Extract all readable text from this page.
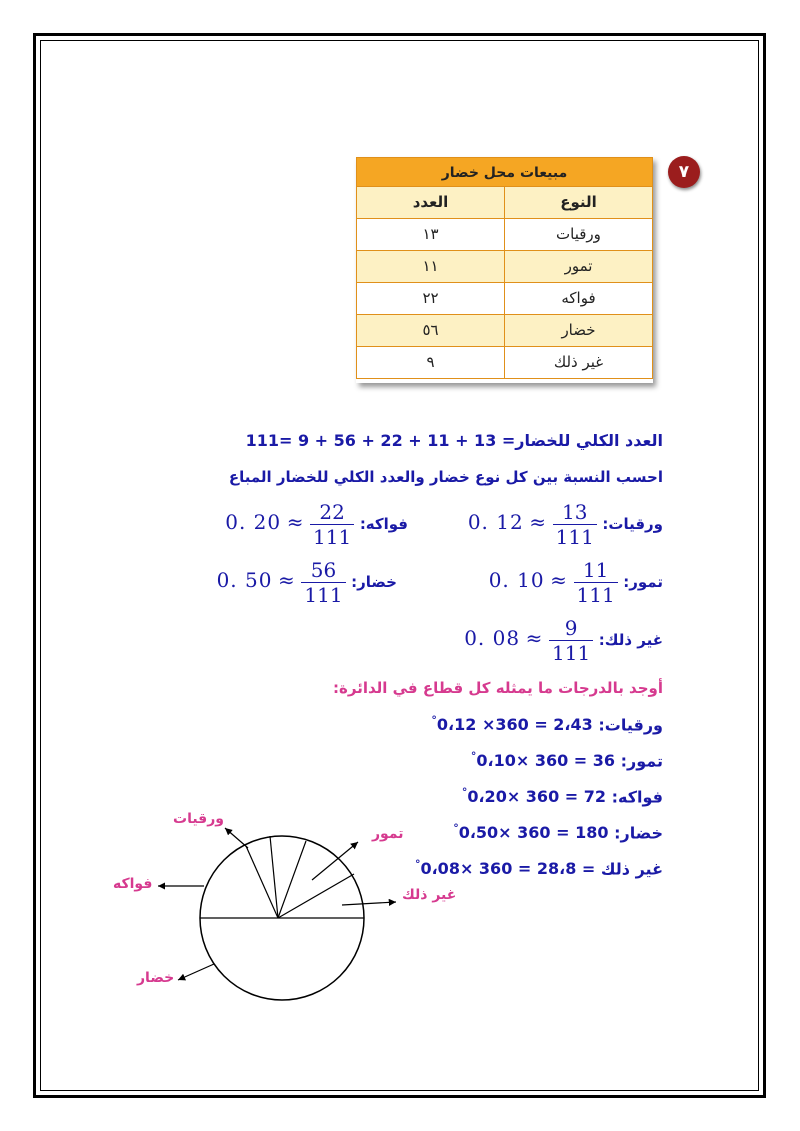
٧
مبيعات محل خضار
النوع
العدد
ورقيات
١٣
تمور
١١
فواكه
٢٢
خضار
٥٦
غير ذلك
٩
العدد الكلي للخضار= 111= 9 + 56 + 22 + 11 + 13
احسب النسبة بين كل نوع خضار والعدد الكلي للخضار المباع
ورقيات: 0. $12 \approx \frac{13}{111}$
فواكه: 0. $20 \approx \frac{22}{111}$
تمور: 0. $10 \approx \frac{11}{111}$
خضار: 0. $50 \approx \frac{56}{111}$
غير ذلك: 0. $08 \approx \frac{9}{111}$
أوجد بالدرجات ما يمثله كل قطاع في الدائرة:
ورقيات: °0،12 ×360 = 2،43
تمور: °0،10× 360 = 36
فواكه: °0،20× 360 = 72
خضار: °0،50× 360 = 180
غير ذلك = °0،08× 360 = 28،8
ورقيات
تمور
فواكه
غير ذلك
خضار
